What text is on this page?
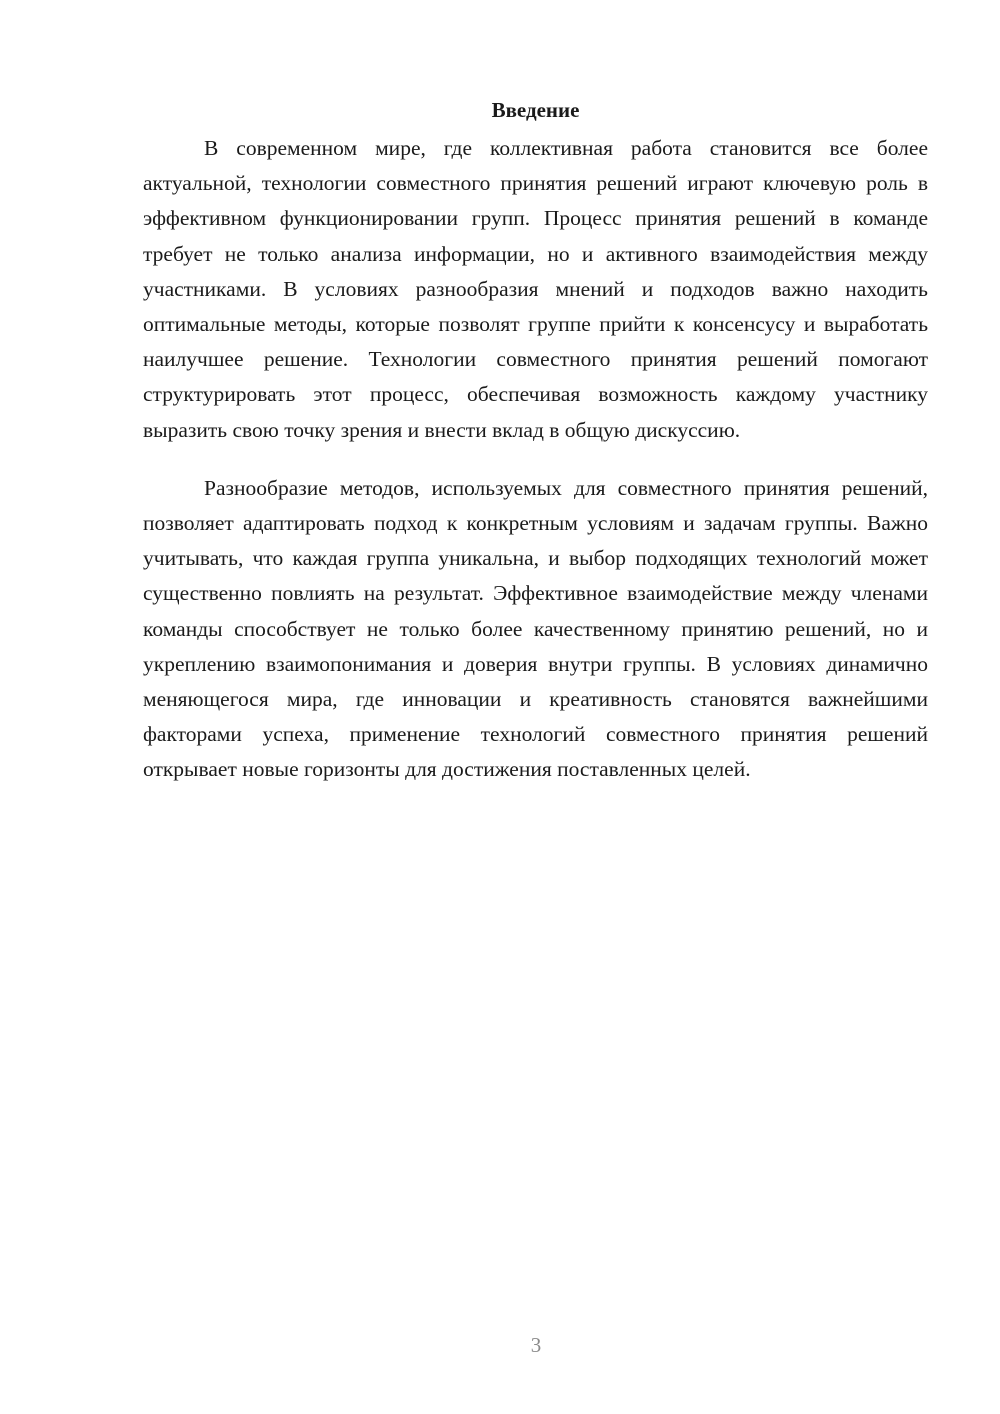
Введение

В современном мире, где коллективная работа становится все более актуальной, технологии совместного принятия решений играют ключевую роль в эффективном функционировании групп. Процесс принятия решений в команде требует не только анализа информации, но и активного взаимодействия между участниками. В условиях разнообразия мнений и подходов важно находить оптимальные методы, которые позволят группе прийти к консенсусу и выработать наилучшее решение. Технологии совместного принятия решений помогают структурировать этот процесс, обеспечивая возможность каждому участнику выразить свою точку зрения и внести вклад в общую дискуссию.

Разнообразие методов, используемых для совместного принятия решений, позволяет адаптировать подход к конкретным условиям и задачам группы. Важно учитывать, что каждая группа уникальна, и выбор подходящих технологий может существенно повлиять на результат. Эффективное взаимодействие между членами команды способствует не только более качественному принятию решений, но и укреплению взаимопонимания и доверия внутри группы. В условиях динамично меняющегося мира, где инновации и креативность становятся важнейшими факторами успеха, применение технологий совместного принятия решений открывает новые горизонты для достижения поставленных целей.

3
